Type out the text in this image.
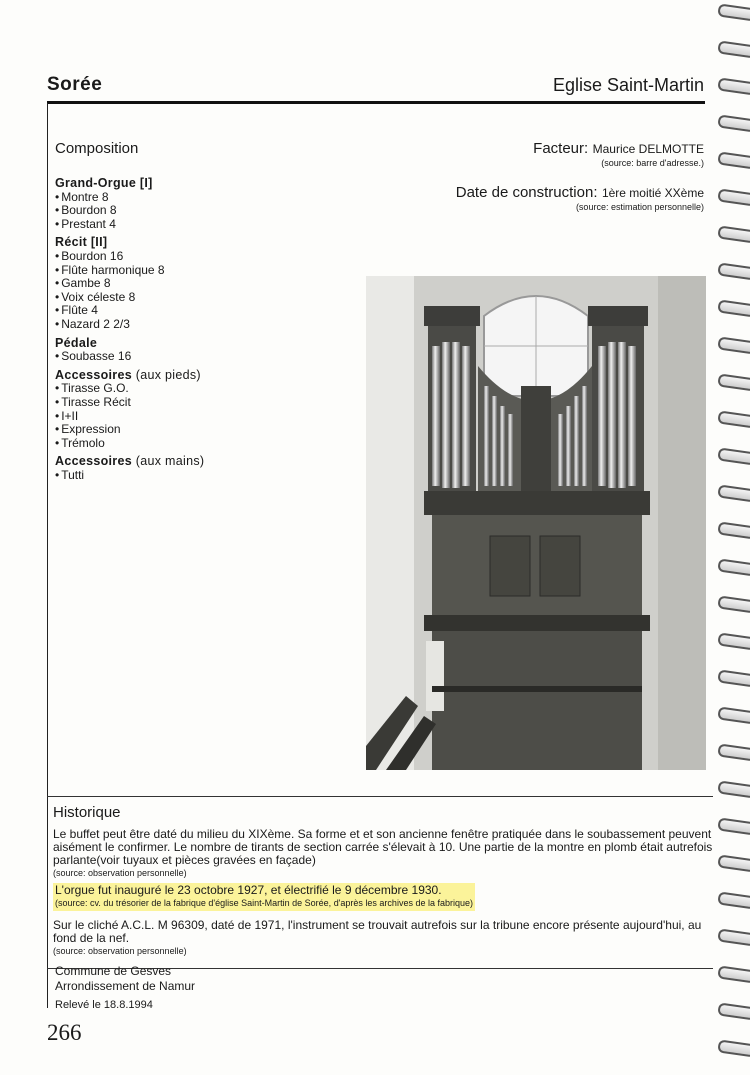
Sorée	Eglise Saint-Martin
Composition
Grand-Orgue [I]
• Montre 8
• Bourdon 8
• Prestant 4
Récit [II]
• Bourdon 16
• Flûte harmonique 8
• Gambe 8
• Voix céleste 8
• Flûte 4
• Nazard 2 2/3
Pédale
• Soubasse 16
Accessoires (aux pieds)
• Tirasse G.O.
• Tirasse Récit
• I+II
• Expression
• Trémolo
Accessoires (aux mains)
• Tutti
Facteur: Maurice DELMOTTE
(source: barre d'adresse.)
Date de construction: 1ère moitié XXème
(source: estimation personnelle)
Historique
Le buffet peut être daté du milieu du XIXème. Sa forme et et son ancienne fenêtre pratiquée dans le soubassement peuvent aisément le confirmer. Le nombre de tirants de section carrée s'élevait à 10. Une partie de la montre en plomb était autrefois parlante(voir tuyaux et pièces gravées en façade)
(source: observation personnelle)
L'orgue fut inauguré le 23 octobre 1927, et électrifié le 9 décembre 1930.
(source: cv. du trésorier de la fabrique d'église Saint-Martin de Sorée, d'après les archives de la fabrique)
Sur le cliché A.C.L. M 96309, daté de 1971, l'instrument se trouvait autrefois sur la tribune encore présente aujourd'hui, au fond de la nef.
(source: observation personnelle)
Commune de Gesves
Arrondissement de Namur
Relevé le 18.8.1994
266
